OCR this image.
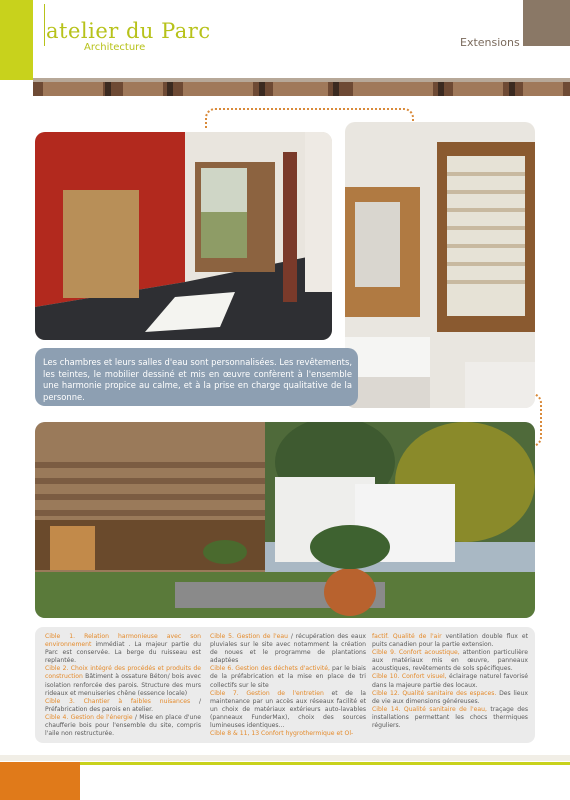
atelier du Parc
Architecture	Extensions
Les chambres et leurs salles d'eau sont personnalisées. Les revêtements, les teintes, le mobilier dessiné et mis en œuvre confèrent à l'ensemble une harmonie propice au calme, et à la prise en charge qualitative de la personne.

Cible 1. Relation harmonieuse avec son environnement immédiat . La majeur partie du Parc est conservée. La berge du ruisseau est replantée.

Cible 2. Choix intégré des procédés et produits de construction Bâtiment à ossature Béton/ bois avec isolation renforcée des parois. Structure des murs rideaux et menuiseries chêne (essence locale)

Cible 3. Chantier à faibles nuisances / Préfabrication des parois en atelier.

Cible 4. Gestion de l'énergie / Mise en place d'une chaufferie bois pour l'ensemble du site, compris l'aile non restructurée.

Cible 5. Gestion de l'eau / récupération des eaux pluviales sur le site avec notamment la création de noues et le programme de plantations adaptées

Cible 6. Gestion des déchets d'activité, par le biais de la préfabrication et la mise en place de tri collectifs sur le site

Cible 7. Gestion de l'entretien et de la maintenance par un accès aux réseaux facilité et un choix de matériaux extérieurs auto-lavables (panneaux FunderMax), choix des sources lumineuses identiques...

Cible 8 & 11, 13 Confort hygrothermique et Ol-

factif. Qualité de l'air ventilation double flux et puits canadien pour la partie extension.

Cible 9. Confort acoustique, attention particulière aux matériaux mis en œuvre, panneaux acoustiques, revêtements de sols spécifiques.

Cible 10. Confort visuel, éclairage naturel favorisé dans la majeure partie des locaux.

Cible 12. Qualité sanitaire des espaces. Des lieux de vie aux dimensions généreuses.

Cible 14. Qualité sanitaire de l'eau, traçage des installations permettant les chocs thermiques réguliers.
